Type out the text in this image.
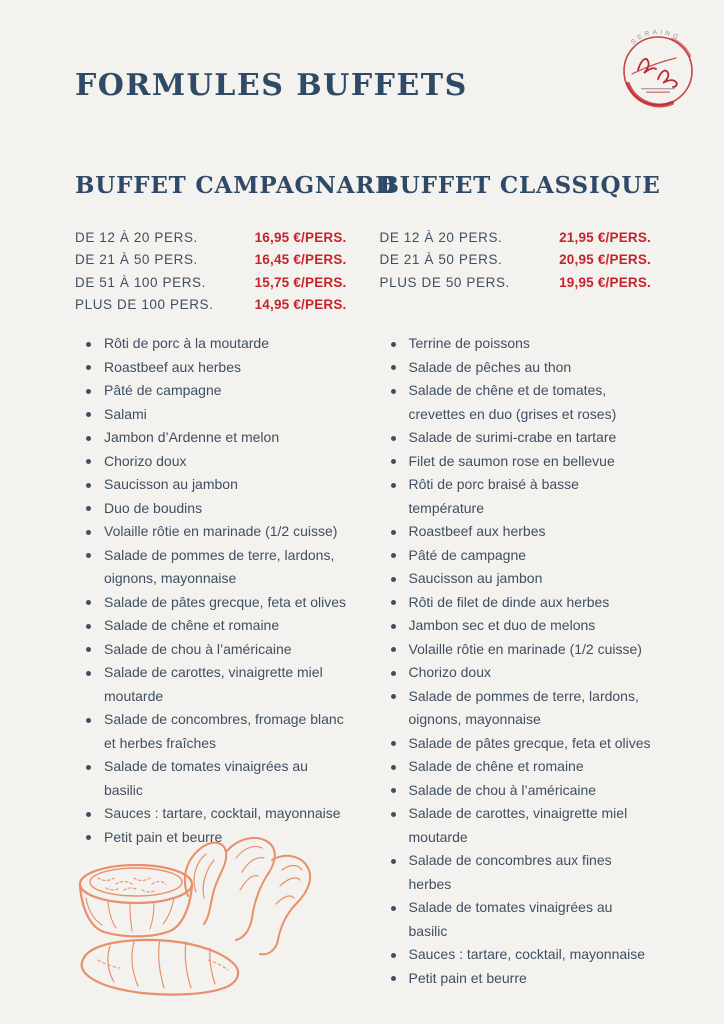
FORMULES BUFFETS
SERAING
BUFFET CAMPAGNARD
DE 12 À 20 PERS.	16,95 €/PERS.
DE 21 À 50 PERS.	16,45 €/PERS.
DE 51 À 100 PERS.	15,75 €/PERS.
PLUS DE 100 PERS.	14,95 €/PERS.
Rôti de porc à la moutarde
Roastbeef aux herbes
Pâté de campagne
Salami
Jambon d’Ardenne et melon
Chorizo doux
Saucisson au jambon
Duo de boudins
Volaille rôtie en marinade (1/2 cuisse)
Salade de pommes de terre, lardons, oignons, mayonnaise
Salade de pâtes grecque, feta et olives
Salade de chêne et romaine
Salade de chou à l’américaine
Salade de carottes, vinaigrette miel moutarde
Salade de concombres, fromage blanc et herbes fraîches
Salade de tomates vinaigrées au basilic
Sauces : tartare, cocktail, mayonnaise
Petit pain et beurre
BUFFET CLASSIQUE
DE 12 À 20 PERS.	21,95 €/PERS.
DE 21 À 50 PERS.	20,95 €/PERS.
PLUS DE 50 PERS.	19,95 €/PERS.
Terrine de poissons
Salade de pêches au thon
Salade de chêne et de tomates, crevettes en duo (grises et roses)
Salade de surimi-crabe en tartare
Filet de saumon rose en bellevue
Rôti de porc braisé à basse température
Roastbeef aux herbes
Pâté de campagne
Saucisson au jambon
Rôti de filet de dinde aux herbes
Jambon sec et duo de melons
Volaille rôtie en marinade (1/2 cuisse)
Chorizo doux
Salade de pommes de terre, lardons, oignons, mayonnaise
Salade de pâtes grecque, feta et olives
Salade de chêne et romaine
Salade de chou à l’américaine
Salade de carottes, vinaigrette miel moutarde
Salade de concombres aux fines herbes
Salade de tomates vinaigrées au basilic
Sauces : tartare, cocktail, mayonnaise
Petit pain et beurre
